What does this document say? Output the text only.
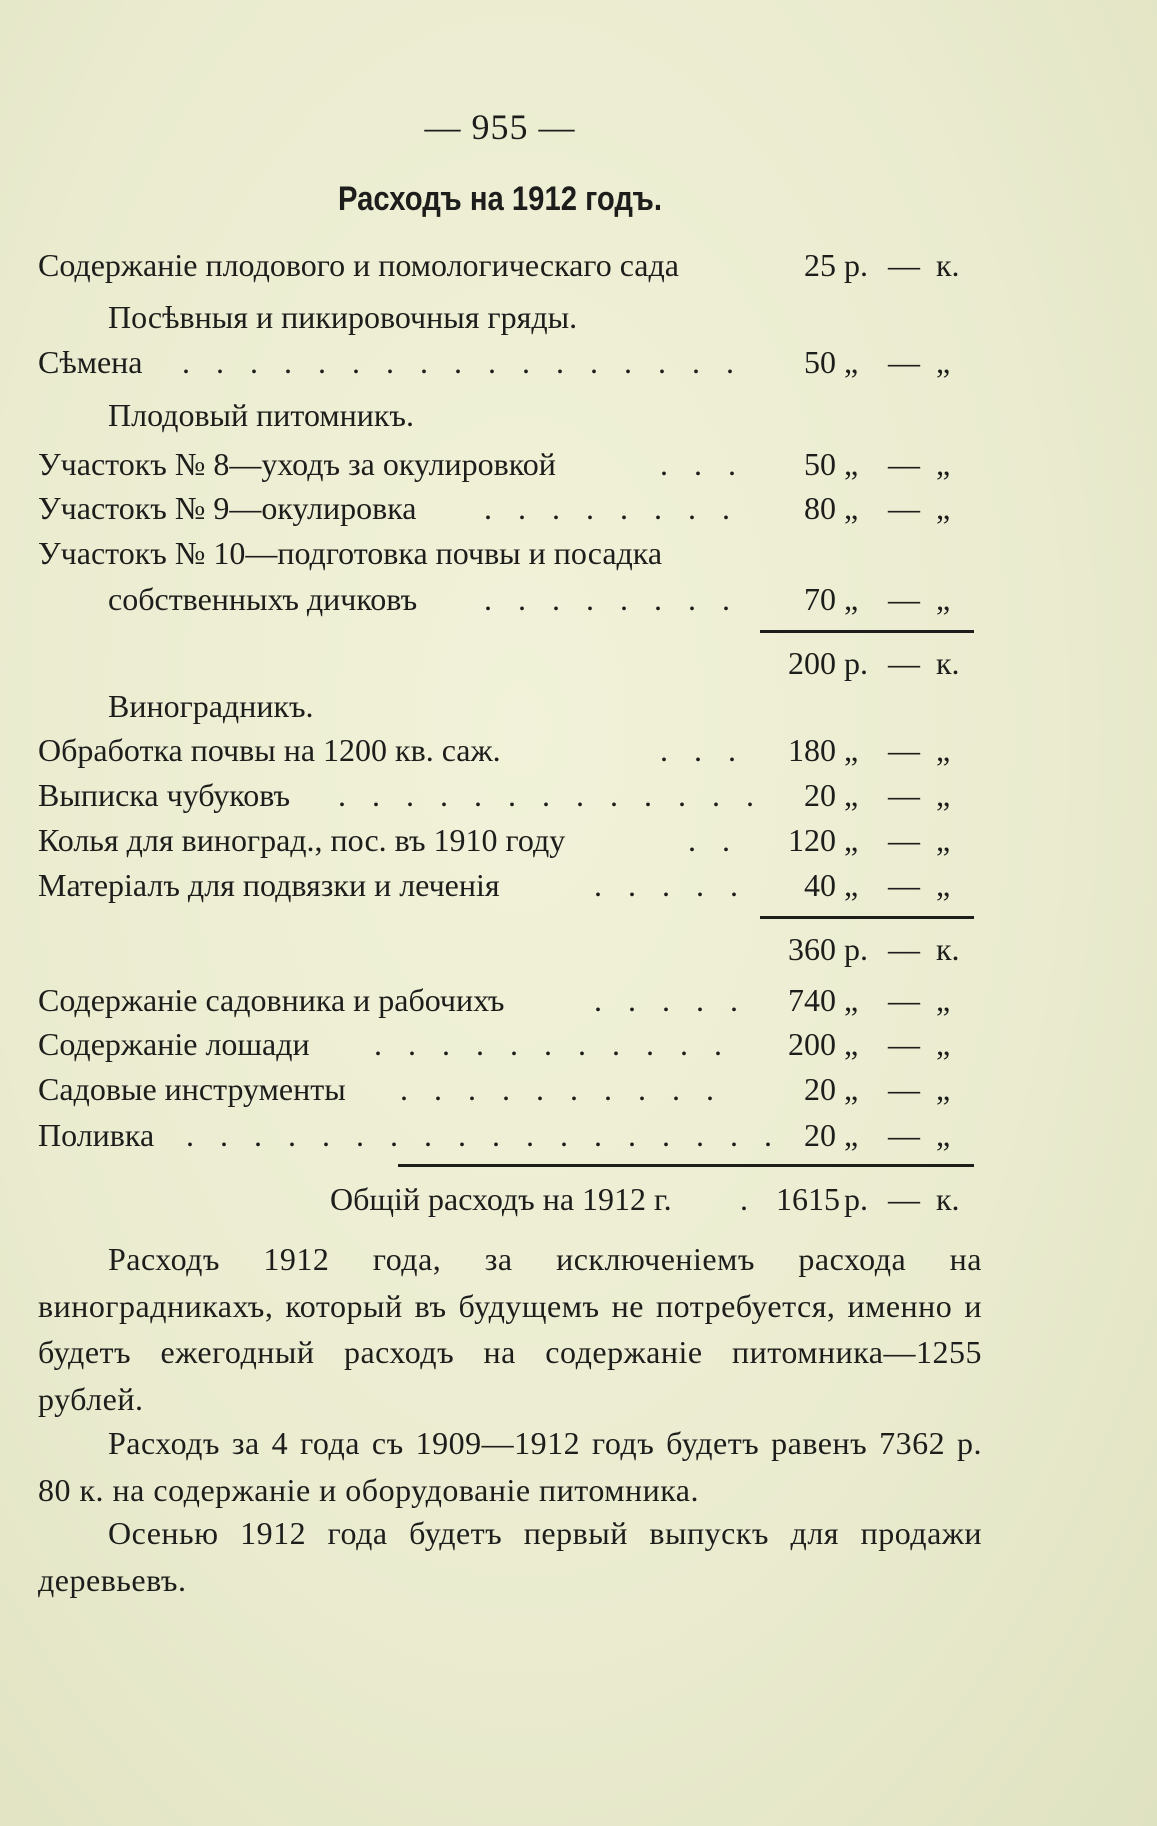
— 955 —
Расходъ на 1912 годъ.
Содержаніе плодового и помологическаго сада	25 р. — к.
Посѣвныя и пикировочныя гряды.
Сѣмена . . . . . . . . . . . . . . . . .	50 „ — „
Плодовый питомникъ.
Участокъ № 8—уходъ за окулировкой	. . .	50 „ — „
Участокъ № 9—окулировка . . . . . . . .	80 „ — „
Участокъ № 10—подготовка почвы и посадка
собственныхъ дичковъ . . . . . . . .	70 „ — „
200 р. — к.
Виноградникъ.
Обработка почвы на 1200 кв. саж.	. . .	180 „ — „
Выписка чубуковъ . . . . . . . . . . . . .	20 „ — „
Колья для виноград., пос. въ 1910 году	. .	120 „ — „
Матеріалъ для подвязки и леченія	. . . . .	40 „ — „
360 р. — к.
Содержаніе садовника и рабочихъ	. . . . .	740 „ — „
Содержаніе лошади . . . . . . . . . . .	200 „ — „
Садовые инструменты . . . . . . . . . .	20 „ — „
Поливка . . . . . . . . . . . . . . . . . . 20 „ — „
Общій расходъ на 1912 г. . 1615 р. — к.

Расходъ 1912 года, за исключеніемъ расхода на виноградникахъ, который въ будущемъ не потребуется, именно и будетъ ежегодный расходъ на содержаніе питомника—1255 рублей.

Расходъ за 4 года съ 1909—1912 годъ будетъ равенъ 7362 р. 80 к. на содержаніе и оборудованіе питомника.

Осенью 1912 года будетъ первый выпускъ для продажи деревьевъ.
